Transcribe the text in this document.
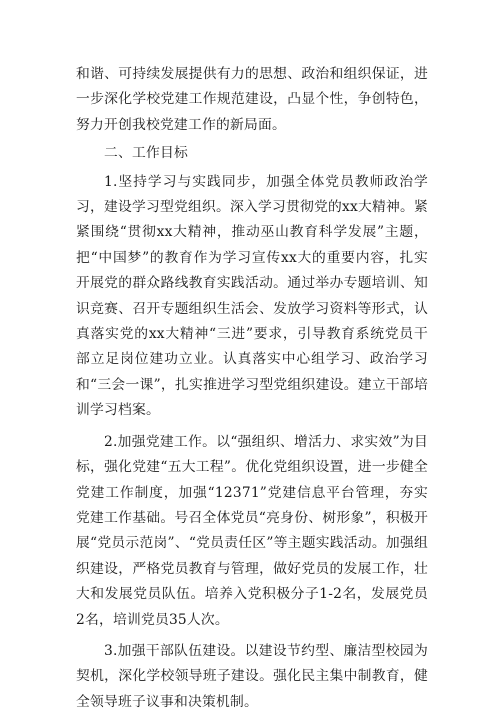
和谐、可持续发展提供有力的思想、政治和组织保证，进一步深化学校党建工作规范建设，凸显个性，争创特色，努力开创我校党建工作的新局面。

二、工作目标

1.坚持学习与实践同步，加强全体党员教师政治学习，建设学习型党组织。深入学习贯彻党的xx大精神。紧紧围绕“贯彻xx大精神，推动巫山教育科学发展”主题，把“中国梦”的教育作为学习宣传xx大的重要内容，扎实开展党的群众路线教育实践活动。通过举办专题培训、知识竞赛、召开专题组织生活会、发放学习资料等形式，认真落实党的xx大精神“三进”要求，引导教育系统党员干部立足岗位建功立业。认真落实中心组学习、政治学习和“三会一课”，扎实推进学习型党组织建设。建立干部培训学习档案。

2.加强党建工作。以“强组织、增活力、求实效”为目标，强化党建“五大工程”。优化党组织设置，进一步健全党建工作制度，加强“12371”党建信息平台管理，夯实党建工作基础。号召全体党员“亮身份、树形象”，积极开展“党员示范岗”、“党员责任区”等主题实践活动。加强组织建设，严格党员教育与管理，做好党员的发展工作，壮大和发展党员队伍。培养入党积极分子1-2名，发展党员2名，培训党员35人次。

3.加强干部队伍建设。以建设节约型、廉洁型校园为契机，深化学校领导班子建设。强化民主集中制教育，健全领导班子议事和决策机制。
